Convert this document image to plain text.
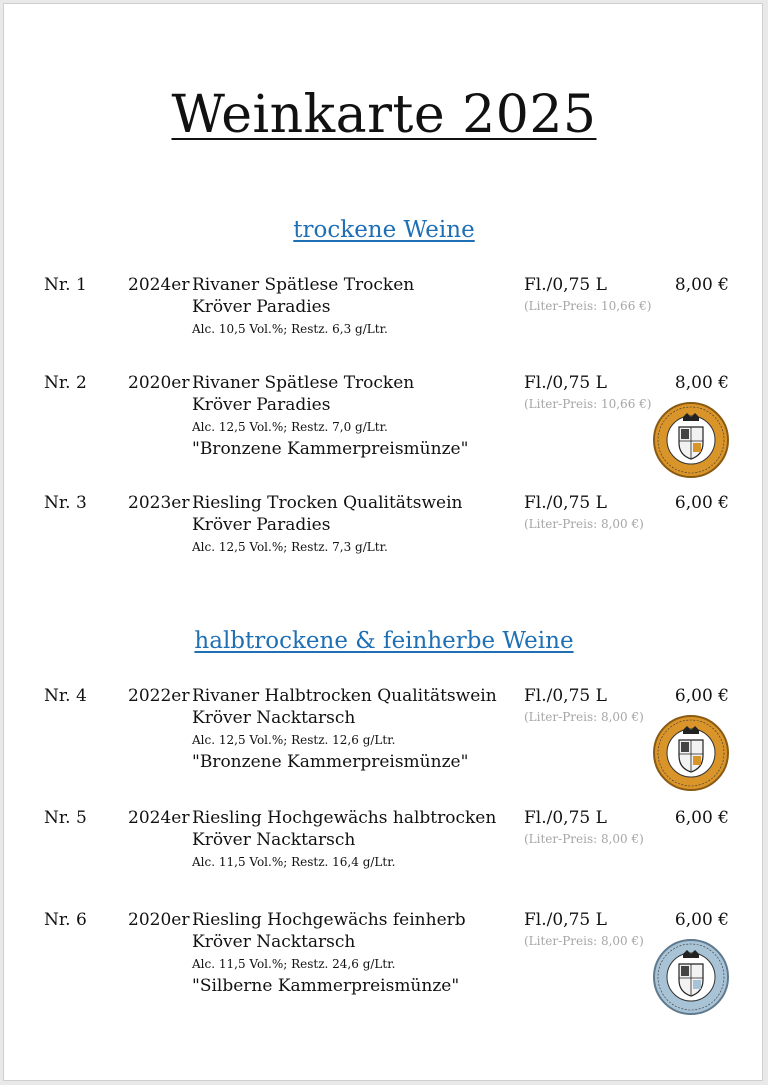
Weinkarte 2025
trockene Weine
Nr. 1 2024er Rivaner Spätlese Trocken
Kröver Paradies
Alc. 10,5 Vol.%; Restz. 6,3 g/Ltr.
Fl./0,75 L
(Liter-Preis: 10,66 €)
8,00 €
Nr. 2 2020er Rivaner Spätlese Trocken
Kröver Paradies
Alc. 12,5 Vol.%; Restz. 7,0 g/Ltr.
"Bronzene Kammerpreismünze"
Fl./0,75 L
(Liter-Preis: 10,66 €)
8,00 €
Nr. 3 2023er Riesling Trocken Qualitätswein
Kröver Paradies
Alc. 12,5 Vol.%; Restz. 7,3 g/Ltr.
Fl./0,75 L
(Liter-Preis: 8,00 €)
6,00 €
halbtrockene & feinherbe Weine
Nr. 4 2022er Rivaner Halbtrocken Qualitätswein
Kröver Nacktarsch
Alc. 12,5 Vol.%; Restz. 12,6 g/Ltr.
"Bronzene Kammerpreismünze"
Fl./0,75 L
(Liter-Preis: 8,00 €)
6,00 €
Nr. 5 2024er Riesling Hochgewächs halbtrocken
Kröver Nacktarsch
Alc. 11,5 Vol.%; Restz. 16,4 g/Ltr.
Fl./0,75 L
(Liter-Preis: 8,00 €)
6,00 €
Nr. 6 2020er Riesling Hochgewächs feinherb
Kröver Nacktarsch
Alc. 11,5 Vol.%; Restz. 24,6 g/Ltr.
"Silberne Kammerpreismünze"
Fl./0,75 L
(Liter-Preis: 8,00 €)
6,00 €
